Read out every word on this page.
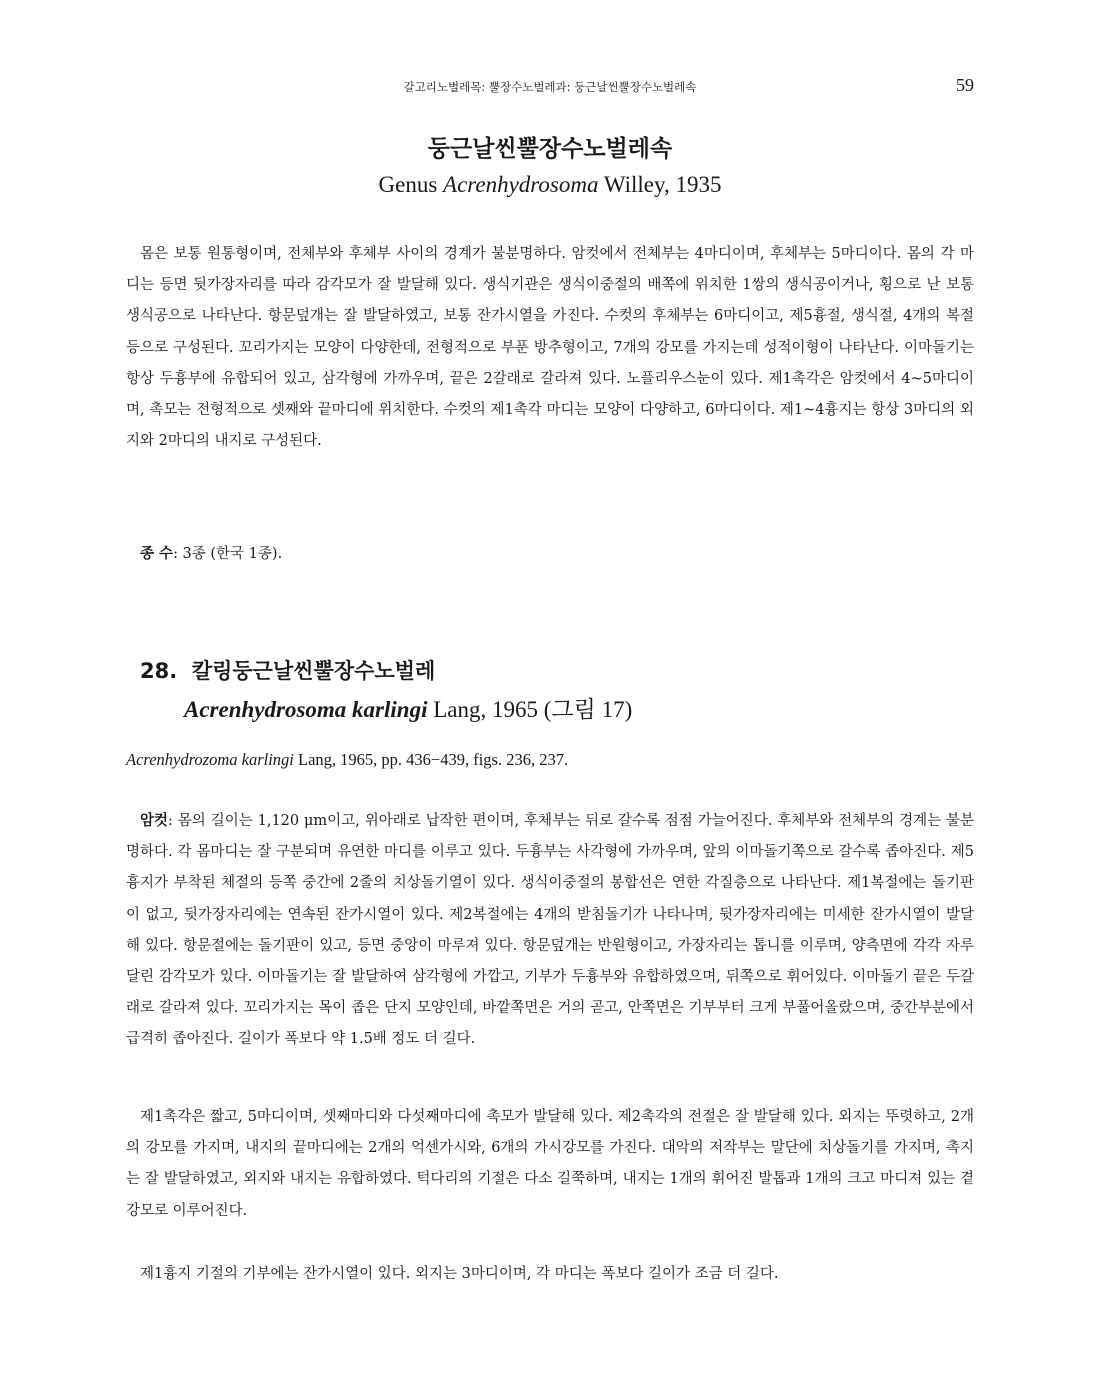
갈고리노벌레목: 뿔장수노벌레과: 둥근날씬뿔장수노벌레속	59
둥근날씬뿔장수노벌레속
Genus Acrenhydrosoma Willey, 1935

몸은 보통 원통형이며, 전체부와 후체부 사이의 경계가 불분명하다. 암컷에서 전체부는 4마디이며, 후체부는 5마디이다. 몸의 각 마디는 등면 뒷가장자리를 따라 감각모가 잘 발달해 있다. 생식기관은 생식이중절의 배쪽에 위치한 1쌍의 생식공이거나, 횡으로 난 보통 생식공으로 나타난다. 항문덮개는 잘 발달하였고, 보통 잔가시열을 가진다. 수컷의 후체부는 6마디이고, 제5흉절, 생식절, 4개의 복절 등으로 구성된다. 꼬리가지는 모양이 다양한데, 전형적으로 부푼 방추형이고, 7개의 강모를 가지는데 성적이형이 나타난다. 이마돌기는 항상 두흉부에 유합되어 있고, 삼각형에 가까우며, 끝은 2갈래로 갈라져 있다. 노플리우스눈이 있다. 제1촉각은 암컷에서 4~5마디이며, 촉모는 전형적으로 셋째와 끝마디에 위치한다. 수컷의 제1촉각 마디는 모양이 다양하고, 6마디이다. 제1~4흉지는 항상 3마디의 외지와 2마디의 내지로 구성된다.

종 수: 3종 (한국 1종).
28. 칼링둥근날씬뿔장수노벌레
Acrenhydrosoma karlingi Lang, 1965 (그림 17)
Acrenhydrozoma karlingi Lang, 1965, pp. 436−439, figs. 236, 237.

암컷: 몸의 길이는 1,120 μm이고, 위아래로 납작한 편이며, 후체부는 뒤로 갈수록 점점 가늘어진다. 후체부와 전체부의 경계는 불분명하다. 각 몸마디는 잘 구분되며 유연한 마디를 이루고 있다. 두흉부는 사각형에 가까우며, 앞의 이마돌기쪽으로 갈수록 좁아진다. 제5흉지가 부착된 체절의 등쪽 중간에 2줄의 치상돌기열이 있다. 생식이중절의 봉합선은 연한 각질층으로 나타난다. 제1복절에는 돌기판이 없고, 뒷가장자리에는 연속된 잔가시열이 있다. 제2복절에는 4개의 받침돌기가 나타나며, 뒷가장자리에는 미세한 잔가시열이 발달해 있다. 항문절에는 돌기판이 있고, 등면 중앙이 마루져 있다. 항문덮개는 반원형이고, 가장자리는 톱니를 이루며, 양측면에 각각 자루달린 감각모가 있다. 이마돌기는 잘 발달하여 삼각형에 가깝고, 기부가 두흉부와 유합하였으며, 뒤쪽으로 휘어있다. 이마돌기 끝은 두갈래로 갈라져 있다. 꼬리가지는 목이 좁은 단지 모양인데, 바깥쪽면은 거의 곧고, 안쪽면은 기부부터 크게 부풀어올랐으며, 중간부분에서 급격히 좁아진다. 길이가 폭보다 약 1.5배 정도 더 길다.

제1촉각은 짧고, 5마디이며, 셋째마디와 다섯째마디에 촉모가 발달해 있다. 제2촉각의 전절은 잘 발달해 있다. 외지는 뚜렷하고, 2개의 강모를 가지며, 내지의 끝마디에는 2개의 억센가시와, 6개의 가시강모를 가진다. 대악의 저작부는 말단에 치상돌기를 가지며, 촉지는 잘 발달하였고, 외지와 내지는 유합하였다. 턱다리의 기절은 다소 길쭉하며, 내지는 1개의 휘어진 발톱과 1개의 크고 마디져 있는 곁강모로 이루어진다.

제1흉지 기절의 기부에는 잔가시열이 있다. 외지는 3마디이며, 각 마디는 폭보다 길이가 조금 더 길다.
